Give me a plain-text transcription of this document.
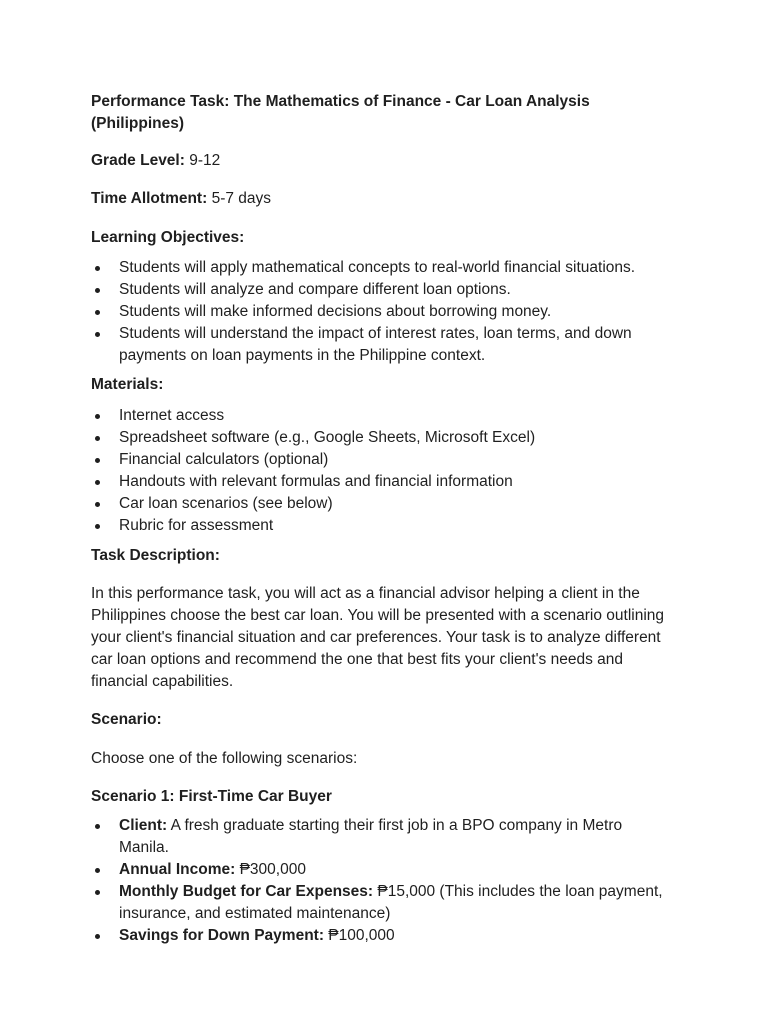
Performance Task: The Mathematics of Finance - Car Loan Analysis (Philippines)

Grade Level: 9-12

Time Allotment: 5-7 days

Learning Objectives:

Students will apply mathematical concepts to real-world financial situations.
Students will analyze and compare different loan options.
Students will make informed decisions about borrowing money.
Students will understand the impact of interest rates, loan terms, and down payments on loan payments in the Philippine context.

Materials:

Internet access
Spreadsheet software (e.g., Google Sheets, Microsoft Excel)
Financial calculators (optional)
Handouts with relevant formulas and financial information
Car loan scenarios (see below)
Rubric for assessment

Task Description:

In this performance task, you will act as a financial advisor helping a client in the Philippines choose the best car loan. You will be presented with a scenario outlining your client's financial situation and car preferences. Your task is to analyze different car loan options and recommend the one that best fits your client's needs and financial capabilities.

Scenario:

Choose one of the following scenarios:

Scenario 1: First-Time Car Buyer

Client: A fresh graduate starting their first job in a BPO company in Metro Manila.
Annual Income: ₱300,000
Monthly Budget for Car Expenses: ₱15,000 (This includes the loan payment, insurance, and estimated maintenance)
Savings for Down Payment: ₱100,000
